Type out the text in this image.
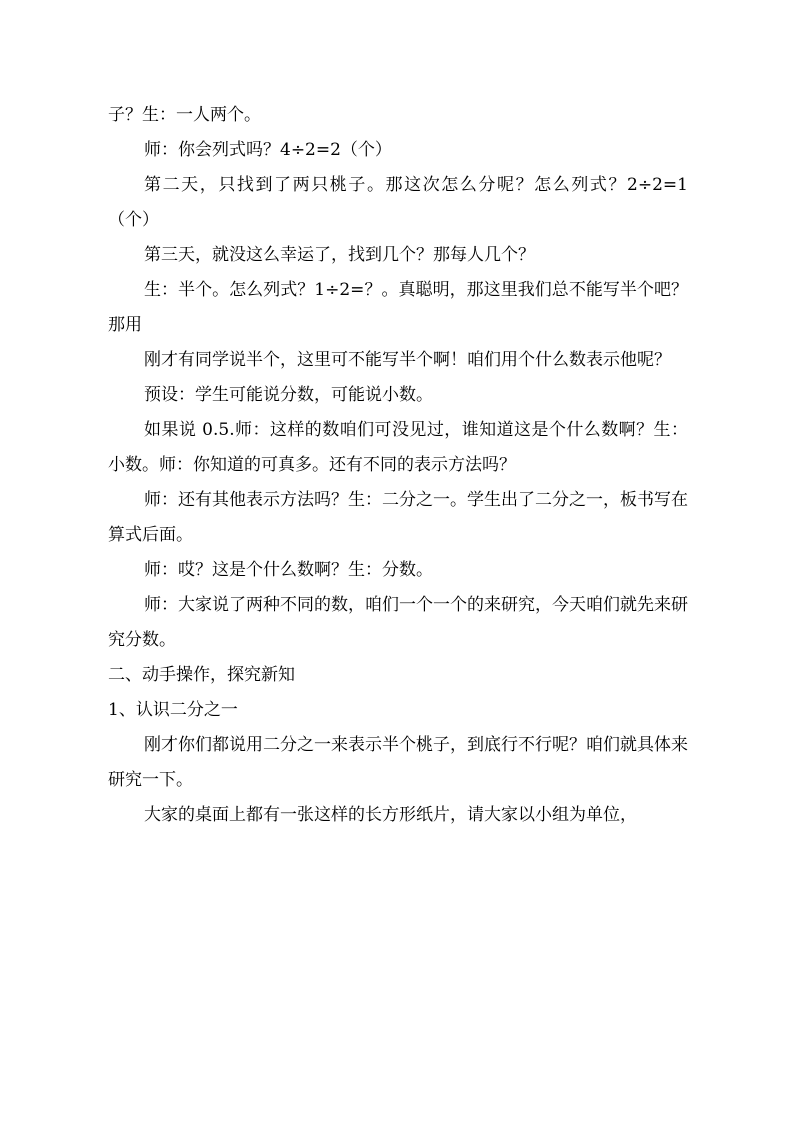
子？生：一人两个。

师：你会列式吗？4÷2=2（个）

第二天，只找到了两只桃子。那这次怎么分呢？怎么列式？2÷2=1（个）

第三天，就没这么幸运了，找到几个？那每人几个？

生：半个。怎么列式？1÷2=？。真聪明，那这里我们总不能写半个吧？那用

刚才有同学说半个，这里可不能写半个啊！咱们用个什么数表示他呢？

预设：学生可能说分数，可能说小数。

如果说 0.5.师：这样的数咱们可没见过，谁知道这是个什么数啊？生：小数。师：你知道的可真多。还有不同的表示方法吗？

师：还有其他表示方法吗？生：二分之一。学生出了二分之一，板书写在算式后面。

师：哎？这是个什么数啊？生：分数。

师：大家说了两种不同的数，咱们一个一个的来研究，今天咱们就先来研究分数。

二、动手操作，探究新知

1、认识二分之一

刚才你们都说用二分之一来表示半个桃子，到底行不行呢？咱们就具体来研究一下。

大家的桌面上都有一张这样的长方形纸片，请大家以小组为单位，
